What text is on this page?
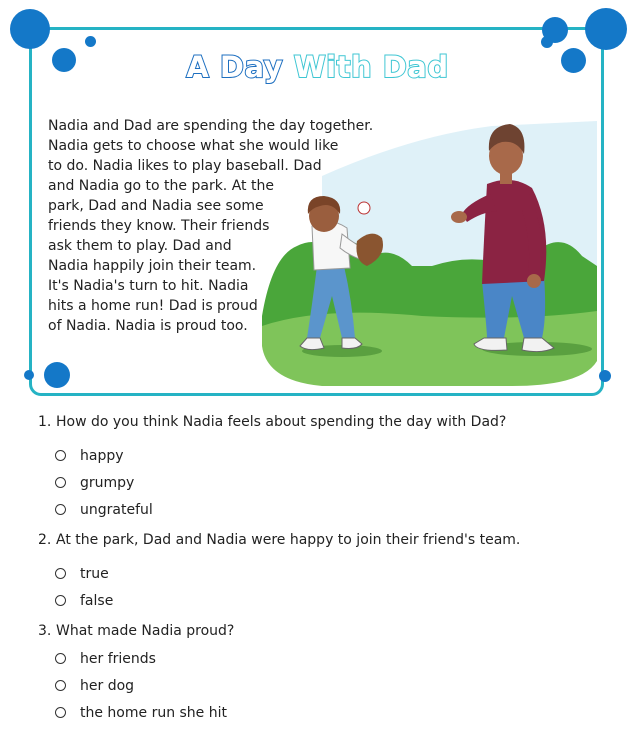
A Day With Dad

Nadia and Dad are spending the day together.

Nadia gets to choose what she would like

to do. Nadia likes to play baseball. Dad

and Nadia go to the park. At the

park, Dad and Nadia see some

friends they know. Their friends

ask them to play. Dad and

Nadia happily join their team.

It's Nadia's turn to hit. Nadia

hits a home run! Dad is proud

of Nadia. Nadia is proud too.

1. How do you think Nadia feels about spending the day with Dad?
happy
grumpy
ungrateful
2. At the park, Dad and Nadia were happy to join their friend's team.
true
false
3. What made Nadia proud?
her friends
her dog
the home run she hit
